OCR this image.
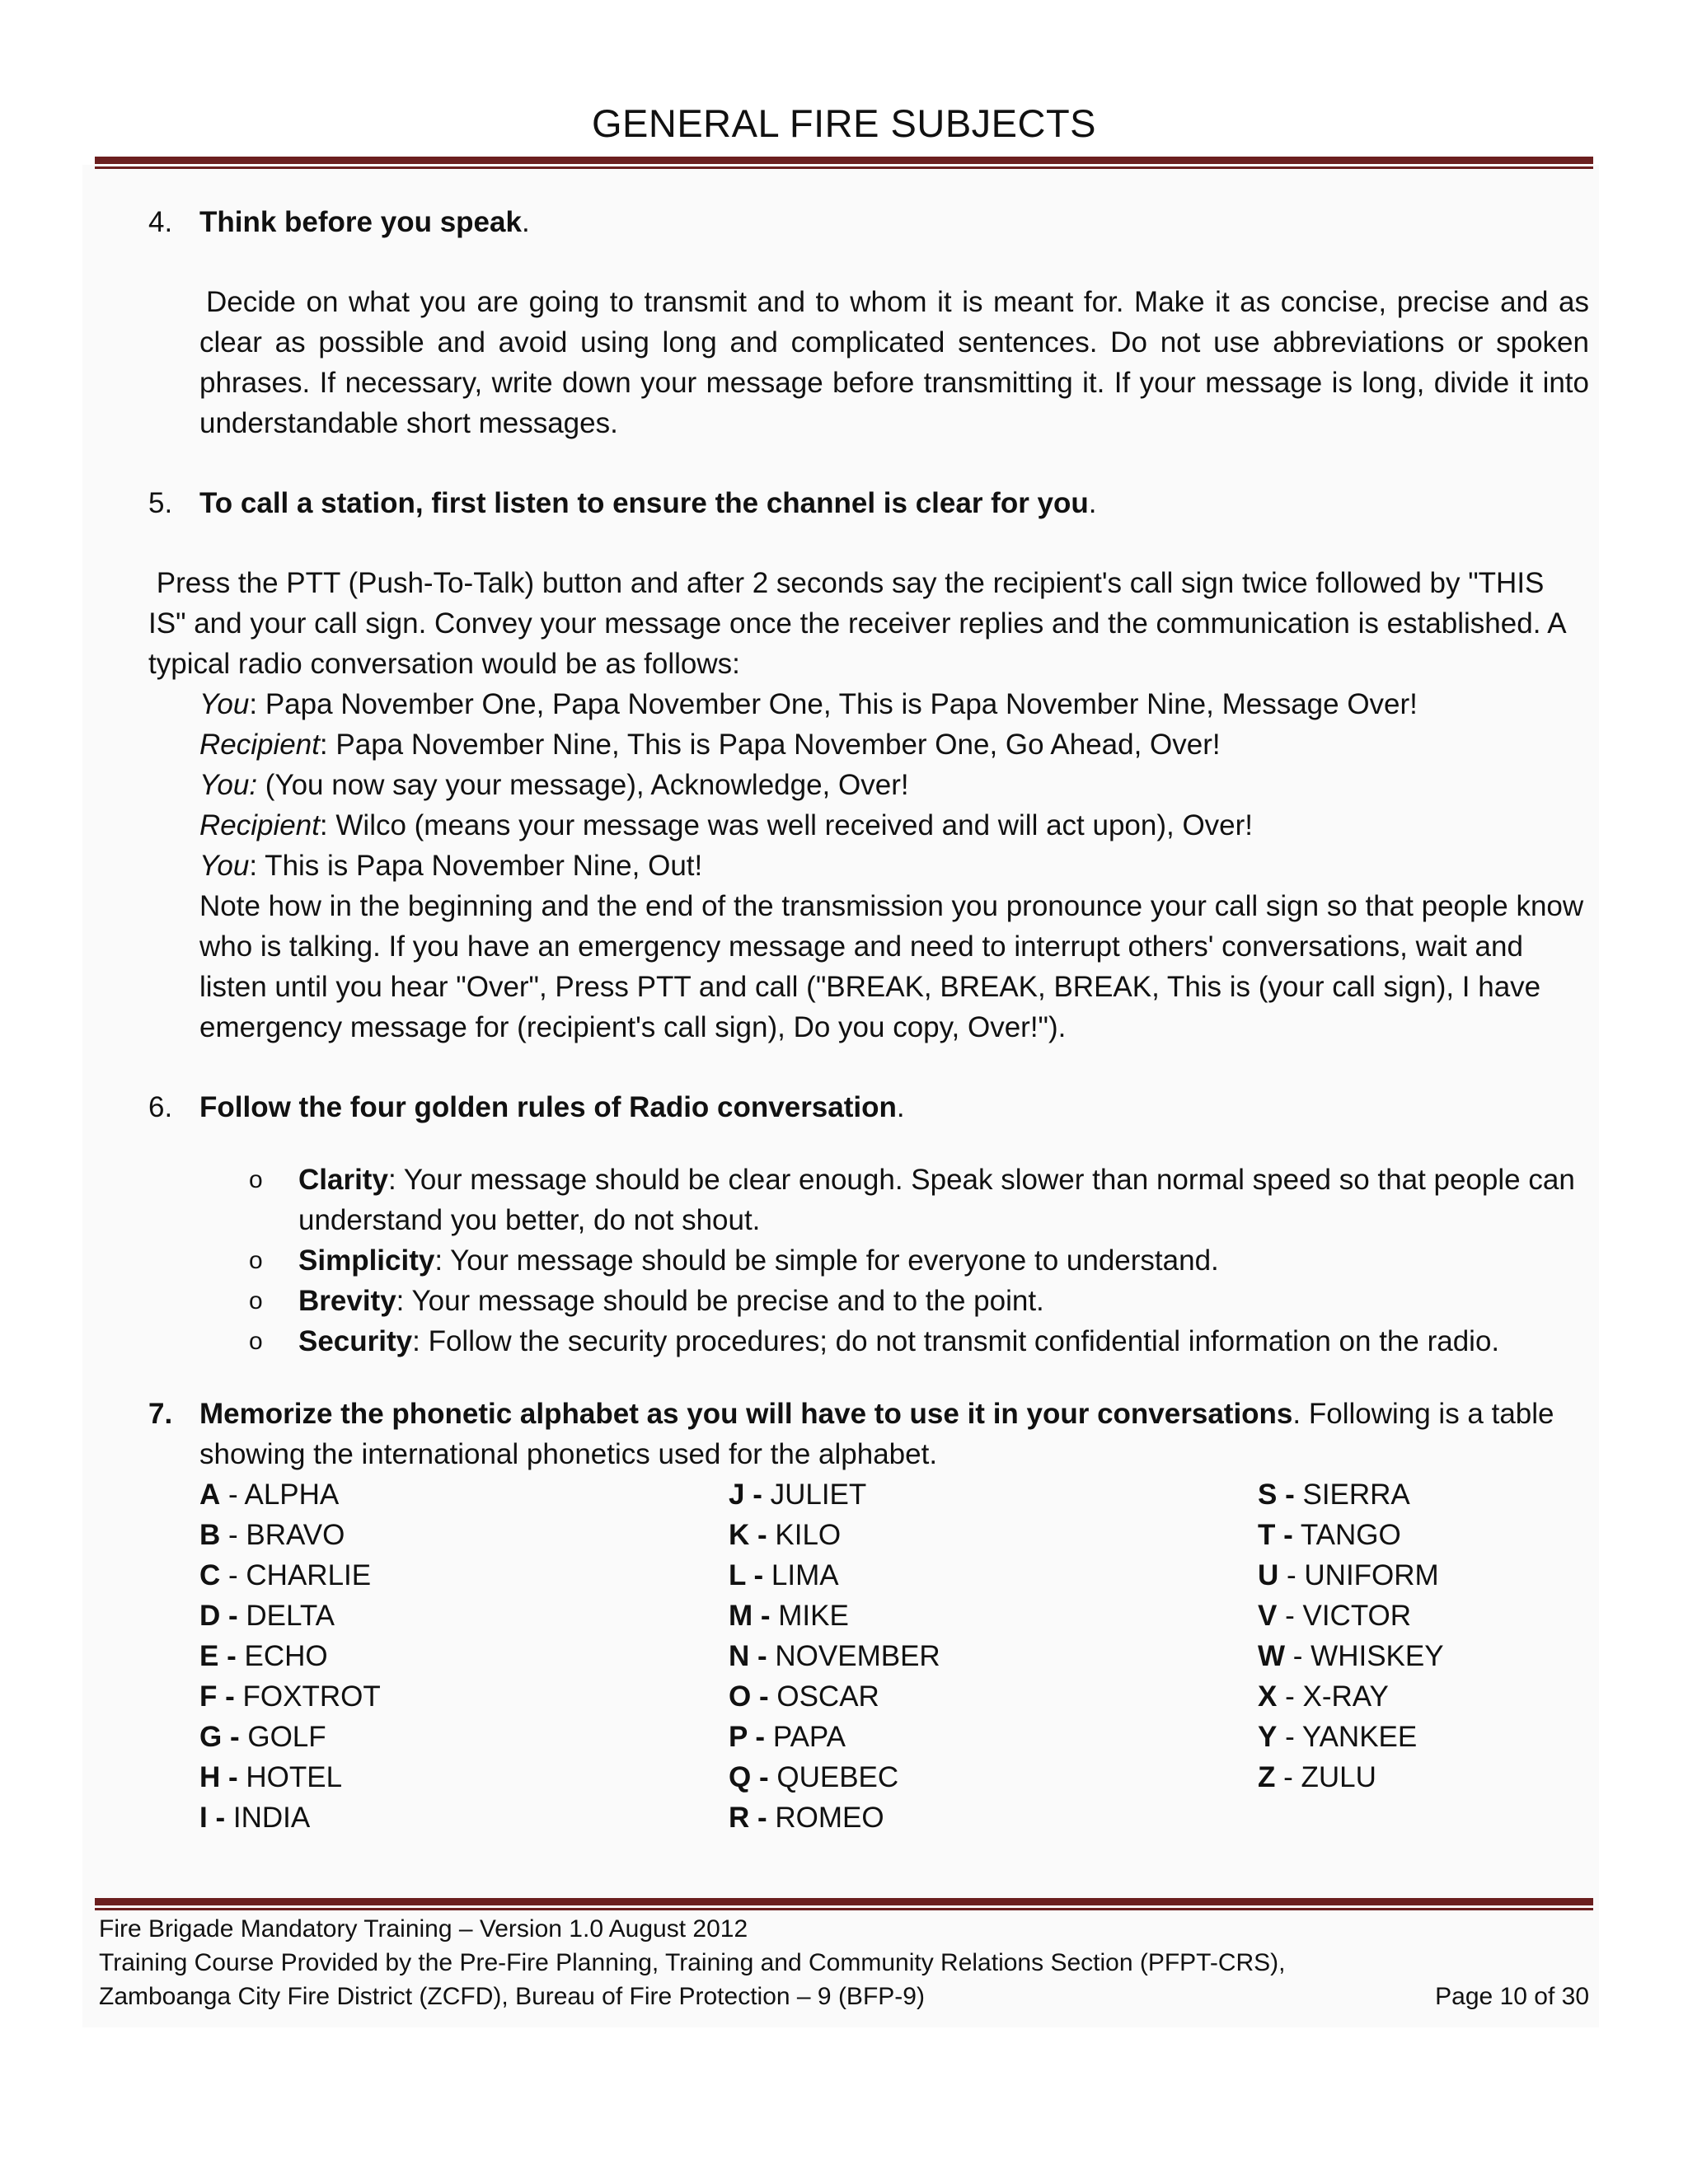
GENERAL FIRE SUBJECTS
4. Think before you speak.
Decide on what you are going to transmit and to whom it is meant for. Make it as concise, precise and as clear as possible and avoid using long and complicated sentences. Do not use abbreviations or spoken phrases. If necessary, write down your message before transmitting it. If your message is long, divide it into understandable short messages.
5. To call a station, first listen to ensure the channel is clear for you.
Press the PTT (Push-To-Talk) button and after 2 seconds say the recipient's call sign twice followed by "THIS IS" and your call sign. Convey your message once the receiver replies and the communication is established. A typical radio conversation would be as follows:
You: Papa November One, Papa November One, This is Papa November Nine, Message Over!
Recipient: Papa November Nine, This is Papa November One, Go Ahead, Over!
You: (You now say your message), Acknowledge, Over!
Recipient: Wilco (means your message was well received and will act upon), Over!
You: This is Papa November Nine, Out!
Note how in the beginning and the end of the transmission you pronounce your call sign so that people know who is talking. If you have an emergency message and need to interrupt others' conversations, wait and listen until you hear "Over", Press PTT and call ("BREAK, BREAK, BREAK, This is (your call sign), I have emergency message for (recipient's call sign), Do you copy, Over!").
6. Follow the four golden rules of Radio conversation.
o Clarity: Your message should be clear enough. Speak slower than normal speed so that people can understand you better, do not shout.
o Simplicity: Your message should be simple for everyone to understand.
o Brevity: Your message should be precise and to the point.
o Security: Follow the security procedures; do not transmit confidential information on the radio.
7. Memorize the phonetic alphabet as you will have to use it in your conversations. Following is a table showing the international phonetics used for the alphabet.
A - ALPHA
B - BRAVO
C - CHARLIE
D - DELTA
E - ECHO
F - FOXTROT
G - GOLF
H - HOTEL
I - INDIA
J - JULIET
K - KILO
L - LIMA
M - MIKE
N - NOVEMBER
O - OSCAR
P - PAPA
Q - QUEBEC
R - ROMEO
S - SIERRA
T - TANGO
U - UNIFORM
V - VICTOR
W - WHISKEY
X - X-RAY
Y - YANKEE
Z - ZULU
Fire Brigade Mandatory Training – Version 1.0 August 2012
Training Course Provided by the Pre-Fire Planning, Training and Community Relations Section (PFPT-CRS),
Zamboanga City Fire District (ZCFD), Bureau of Fire Protection – 9 (BFP-9)	Page 10 of 30
